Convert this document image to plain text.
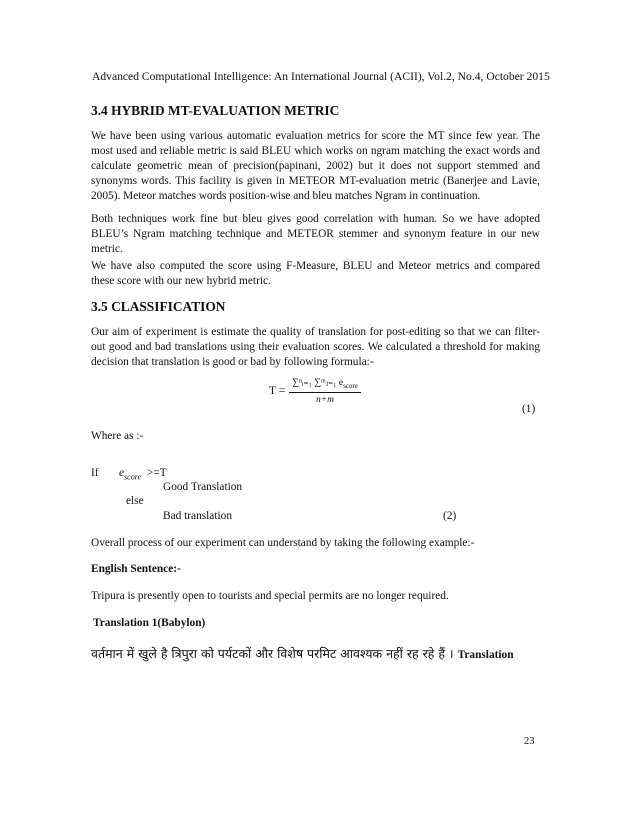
Advanced Computational Intelligence: An International Journal (ACII), Vol.2, No.4, October 2015
3.4 HYBRID MT-EVALUATION METRIC

We have been using various automatic evaluation metrics for score the MT since few year. The most used and reliable metric is said BLEU which works on ngram matching the exact words and calculate geometric mean of precision(papinani, 2002) but it does not support stemmed and synonyms words. This facility is given in METEOR MT-evaluation metric (Banerjee and Lavie, 2005). Meteor matches words position-wise and bleu matches Ngram in continuation.

Both techniques work fine but bleu gives good correlation with human. So we have adopted BLEU’s Ngram matching technique and METEOR stemmer and synonym feature in our new metric.

We have also computed the score using F-Measure, BLEU and Meteor metrics and compared these score with our new hybrid metric.

3.5 CLASSIFICATION

Our aim of experiment is estimate the quality of translation for post-editing so that we can filter-out good and bad translations using their evaluation scores. We calculated a threshold for making decision that translation is good or bad by following formula:-

$T = \frac{\sum^nᵢ_{=1} \sum ᵐⱼ_{=1} e_{score}}{n+m}$
(1)
Where as :-
If $e_{score} >=T$
Good Translation
else
Bad translation	(2)
Overall process of our experiment can understand by taking the following example:-
English Sentence:-
Tripura is presently open to tourists and special permits are no longer required.
Translation 1(Babylon)
वर्तमान में खुले है त्रिपुरा को पर्यटकों और विशेष परमिट आवश्यक नहीं रह रहे हैं । Translation
23
